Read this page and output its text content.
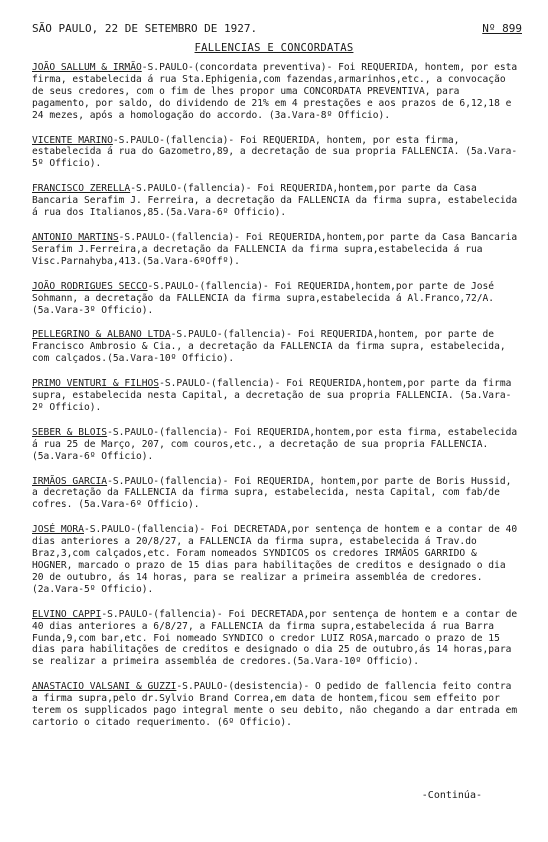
SÃO PAULO, 22 DE SETEMBRO DE 1927.	Nº 899
FALLENCIAS E CONCORDATAS

JOÃO SALLUM & IRMÃO-S.PAULO-(concordata preventiva)- Foi REQUERIDA, hontem, por esta firma, estabelecida á rua Sta.Ephigenia,com fazendas,armarinhos,etc., a convocação de seus credores, com o fim de lhes propor uma CONCORDATA PREVENTIVA, para pagamento, por saldo, do dividendo de 21% em 4 prestações e aos prazos de 6,12,18 e 24 mezes, após a homologação do accordo. (3a.Vara-8º Officio).

VICENTE MARINO-S.PAULO-(fallencia)- Foi REQUERIDA, hontem, por esta firma, estabelecida á rua do Gazometro,89, a decretação de sua propria FALLENCIA. (5a.Vara-5º Officio).

FRANCISCO ZERELLA-S.PAULO-(fallencia)- Foi REQUERIDA,hontem,por parte da Casa Bancaria Serafim J. Ferreira, a decretação da FALLENCIA da firma supra, estabelecida á rua dos Italianos,85.(5a.Vara-6º Officio).

ANTONIO MARTINS-S.PAULO-(fallencia)- Foi REQUERIDA,hontem,por parte da Casa Bancaria Serafim J.Ferreira,a decretação da FALLENCIA da firma supra,estabelecida á rua Visc.Parnahyba,413.(5a.Vara-6ºOffº).

JOÃO RODRIGUES SECCO-S.PAULO-(fallencia)- Foi REQUERIDA,hontem,por parte de José Sohmann, a decretação da FALLENCIA da firma supra,estabelecida á Al.Franco,72/A. (5a.Vara-3º Officio).

PELLEGRINO & ALBANO LTDA-S.PAULO-(fallencia)- Foi REQUERIDA,hontem, por parte de Francisco Ambrosio & Cia., a decretação da FALLENCIA da firma supra, estabelecida, com calçados.(5a.Vara-10º Officio).

PRIMO VENTURI & FILHOS-S.PAULO-(fallencia)- Foi REQUERIDA,hontem,por parte da firma supra, estabelecida nesta Capital, a decretação de sua propria FALLENCIA. (5a.Vara-2º Officio).

SEBER & BLOIS-S.PAULO-(fallencia)- Foi REQUERIDA,hontem,por esta firma, estabelecida á rua 25 de Março, 207, com couros,etc., a decretação de sua propria FALLENCIA. (5a.Vara-6º Officio).

IRMÃOS GARCIA-S.PAULO-(fallencia)- Foi REQUERIDA, hontem,por parte de Boris Hussid, a decretação da FALLENCIA da firma supra, estabelecida, nesta Capital, com fab/de cofres. (5a.Vara-6º Officio).

JOSÉ MORA-S.PAULO-(fallencia)- Foi DECRETADA,por sentença de hontem e a contar de 40 dias anteriores a 20/8/27, a FALLENCIA da firma supra, estabelecida á Trav.do Braz,3,com calçados,etc. Foram nomeados SYNDICOS os credores IRMÃOS GARRIDO & HOGNER, marcado o prazo de 15 dias para habilitações de creditos e designado o dia 20 de outubro, ás 14 horas, para se realizar a primeira assembléa de credores. (2a.Vara-5º Officio).

ELVINO CAPPI-S.PAULO-(fallencia)- Foi DECRETADA,por sentença de hontem e a contar de 40 dias anteriores a 6/8/27, a FALLENCIA da firma supra,estabelecida á rua Barra Funda,9,com bar,etc. Foi nomeado SYNDICO o credor LUIZ ROSA,marcado o prazo de 15 dias para habilitações de creditos e designado o dia 25 de outubro,ás 14 horas,para se realizar a primeira assembléa de credores.(5a.Vara-10º Officio).

ANASTACIO VALSANI & GUZZI-S.PAULO-(desistencia)- O pedido de fallencia feito contra a firma supra,pelo dr.Sylvio Brand Correa,em data de hontem,ficou sem effeito por terem os supplicados pago integral mente o seu debito, não chegando a dar entrada em cartorio o citado requerimento. (6º Officio).

-Continúa-
